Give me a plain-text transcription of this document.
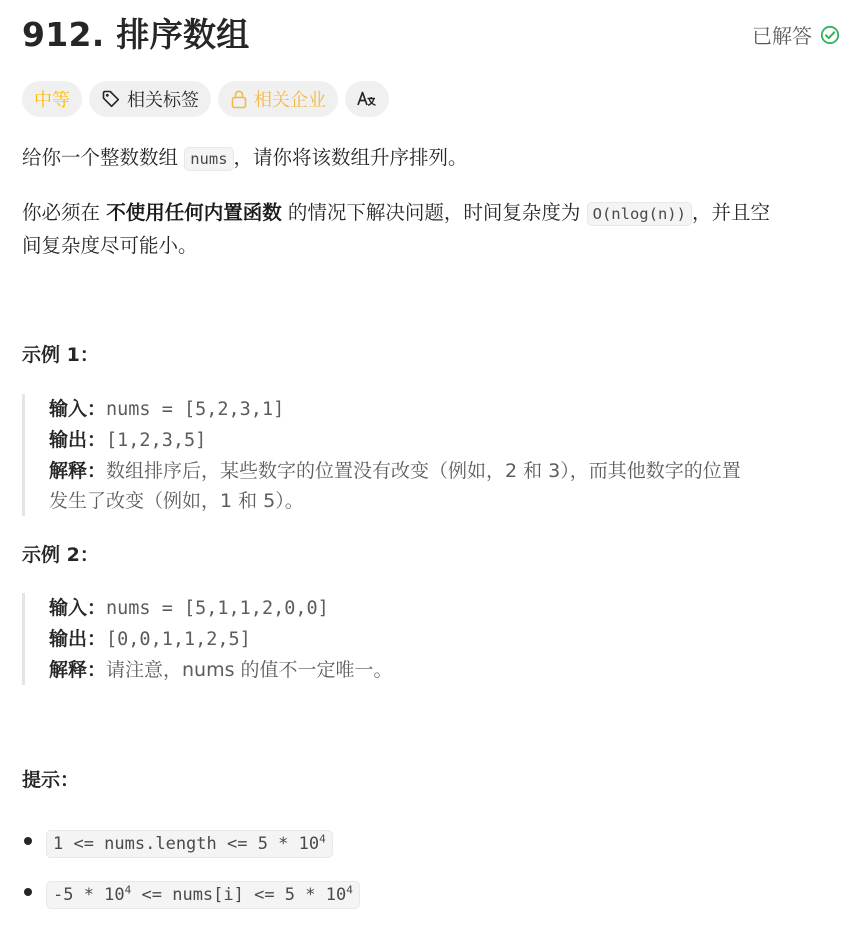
912. 排序数组	已解答
中等	相关标签	相关企业

给你一个整数数组 nums ，请你将该数组升序排列。

你必须在 不使用任何内置函数 的情况下解决问题，时间复杂度为 O(nlog(n)) ，并且空
间复杂度尽可能小。

示例 1：
输入：nums = [5,2,3,1]
输出：[1,2,3,5]
解释：数组排序后，某些数字的位置没有改变（例如，2 和 3），而其他数字的位置
发生了改变（例如，1 和 5）。
示例 2：
输入：nums = [5,1,1,2,0,0]
输出：[0,0,1,1,2,5]
解释：请注意，nums 的值不一定唯一。
提示：
1 <= nums.length <= $5 * 10^4$
$-5 * 10^4$ <= nums[i] <= $5 * 10^4$
